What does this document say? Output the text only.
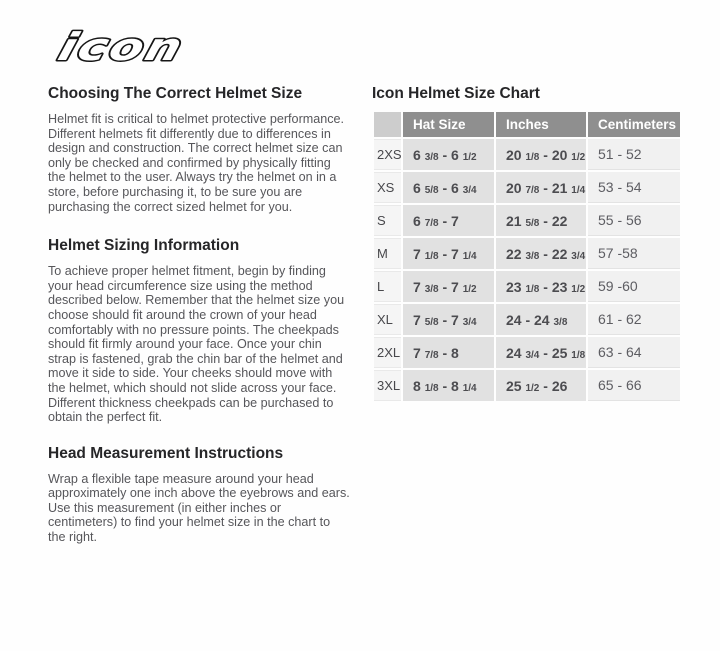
icon
Choosing The Correct Helmet Size

Helmet fit is critical to helmet protective performance. Different helmets fit differently due to differences in design and construction. The correct helmet size can only be checked and confirmed by physically fitting the helmet to the user. Always try the helmet on in a store, before purchasing it, to be sure you are purchasing the correct sized helmet for you.

Helmet Sizing Information

To achieve proper helmet fitment, begin by finding your head circumference size using the method described below. Remember that the helmet size you choose should fit around the crown of your head comfortably with no pressure points. The cheekpads should fit firmly around your face. Once your chin strap is fastened, grab the chin bar of the helmet and move it side to side. Your cheeks should move with the helmet, which should not slide across your face. Different thickness cheekpads can be purchased to obtain the perfect fit.

Head Measurement Instructions

Wrap a flexible tape measure around your head approximately one inch above the eyebrows and ears. Use this measurement (in either inches or centimeters) to find your helmet size in the chart to the right.

Icon Helmet Size Chart
	Hat Size	Inches	Centimeters
2XS	6 3/8 - 6 1/2	20 1/8 - 20 1/2	51 - 52
XS	6 5/8 - 6 3/4	20 7/8 - 21 1/4	53 - 54
S	6 7/8 - 7	21 5/8 - 22	55 - 56
M	7 1/8 - 7 1/4	22 3/8 - 22 3/4	57 -58
L	7 3/8 - 7 1/2	23 1/8 - 23 1/2	59 -60
XL	7 5/8 - 7 3/4	24 - 24 3/8	61 - 62
2XL	7 7/8 - 8	24 3/4 - 25 1/8	63 - 64
3XL	8 1/8 - 8 1/4	25 1/2 - 26	65 - 66
